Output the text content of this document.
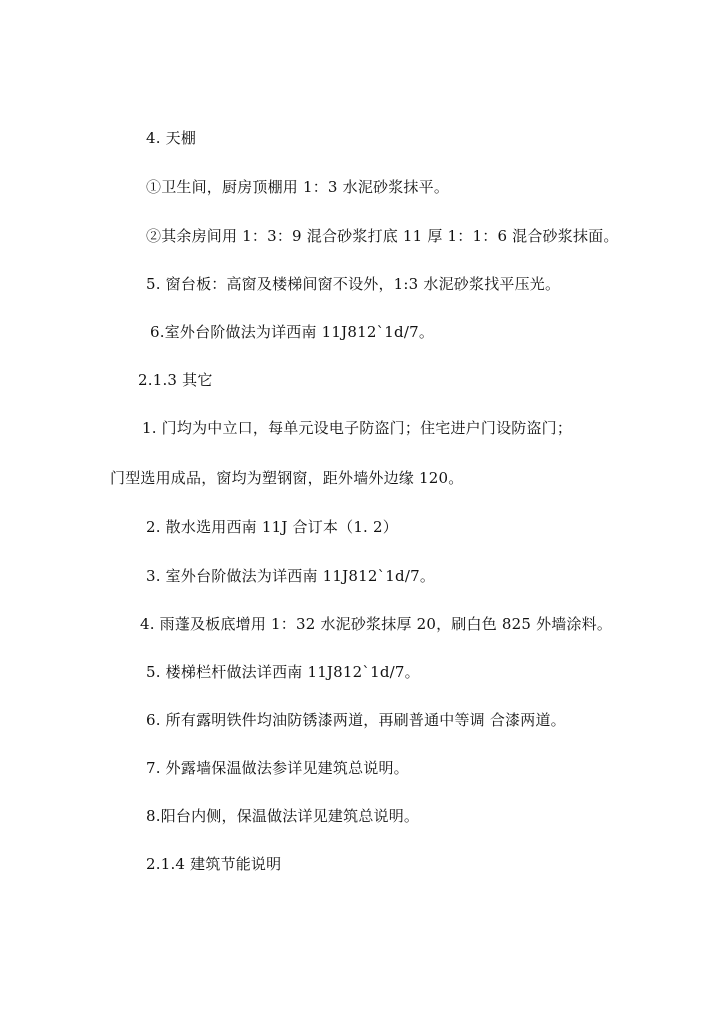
4. 天棚
①卫生间，厨房顶棚用 1：3 水泥砂浆抹平。
②其余房间用 1：3：9 混合砂浆打底 11 厚 1：1：6 混合砂浆抹面。
5. 窗台板：高窗及楼梯间窗不设外，1:3 水泥砂浆找平压光。
6.室外台阶做法为详西南 11J812`1d/7。
2.1.3 其它
1. 门均为中立口，每单元设电子防盗门；住宅进户门设防盗门；
门型选用成品，窗均为塑钢窗，距外墙外边缘 120。
2. 散水选用西南 11J 合订本（1. 2）
3. 室外台阶做法为详西南 11J812`1d/7。
4. 雨蓬及板底增用 1：32 水泥砂浆抹厚 20，刷白色 825 外墙涂料。
5. 楼梯栏杆做法详西南 11J812`1d/7。
6. 所有露明铁件均油防锈漆两道，再刷普通中等调 合漆两道。
7. 外露墙保温做法参详见建筑总说明。
8.阳台内侧，保温做法详见建筑总说明。
2.1.4 建筑节能说明
